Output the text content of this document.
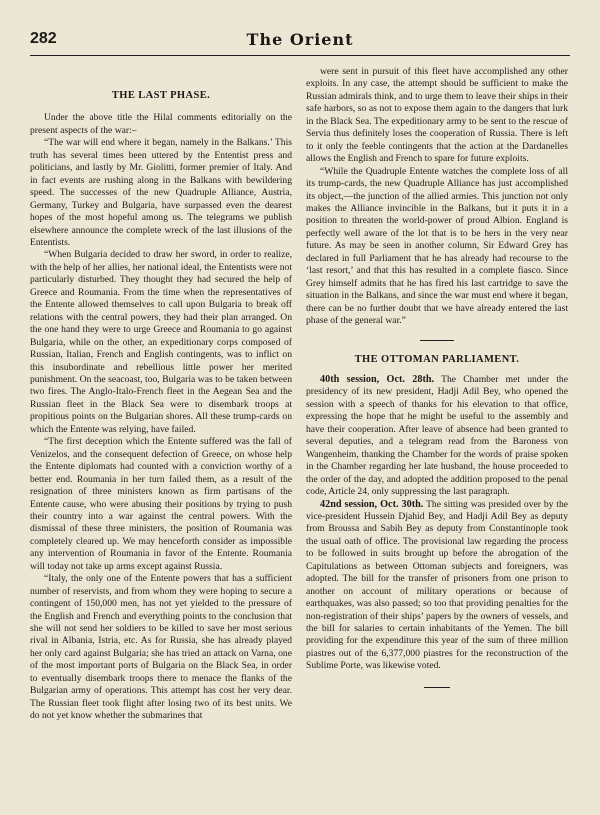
282	The Orient
THE LAST PHASE.

Under the above title the Hilal comments editorially on the present aspects of the war:–

“The war will end where it began, namely in the Balkans.’ This truth has several times been uttered by the Ententist press and politicians, and lastly by Mr. Giolitti, former premier of Italy. And in fact events are rushing along in the Balkans with bewildering speed. The successes of the new Quadruple Alliance, Austria, Germany, Turkey and Bulgaria, have surpassed even the dearest hopes of the most hopeful among us. The telegrams we publish elsewhere announce the complete wreck of the last illusions of the Ententists.

“When Bulgaria decided to draw her sword, in order to realize, with the help of her allies, her national ideal, the Ententists were not particularly disturbed. They thought they had secured the help of Greece and Roumania. From the time when the representatives of the Entente allowed themselves to call upon Bulgaria to break off relations with the central powers, they had their plan arranged. On the one hand they were to urge Greece and Roumania to go against Bulgaria, while on the other, an expeditionary corps composed of Russian, Italian, French and English contingents, was to inflict on this insubordinate and rebellious little power her merited punishment. On the seacoast, too, Bulgaria was to be taken between two fires. The Anglo-Italo-French fleet in the Aegean Sea and the Russian fleet in the Black Sea were to disembark troops at propitious points on the Bulgarian shores. All these trump-cards on which the Entente was relying, have failed.

“The first deception which the Entente suffered was the fall of Venizelos, and the consequent defection of Greece, on whose help the Entente diplomats had counted with a conviction worthy of a better end. Roumania in her turn failed them, as a result of the resignation of three ministers known as firm partisans of the Entente cause, who were abusing their positions by trying to push their country into a war against the central powers. With the dismissal of these three ministers, the position of Roumania was completely cleared up. We may henceforth consider as impossible any intervention of Roumania in favor of the Entente. Roumania will today not take up arms except against Russia.

“Italy, the only one of the Entente powers that has a sufficient number of reservists, and from whom they were hoping to secure a contingent of 150,000 men, has not yet yielded to the pressure of the English and French and everything points to the conclusion that she will not send her soldiers to be killed to save her most serious rival in Albania, Istria, etc. As for Russia, she has already played her only card against Bulgaria; she has tried an attack on Varna, one of the most important ports of Bulgaria on the Black Sea, in order to eventually disembark troops there to menace the flanks of the Bulgarian army of operations. This attempt has cost her very dear. The Russian fleet took flight after losing two of its best units. We do not yet know whether the submarines that

were sent in pursuit of this fleet have accomplished any other exploits. In any case, the attempt should be sufficient to make the Russian admirals think, and to urge them to leave their ships in their safe harbors, so as not to expose them again to the dangers that lurk in the Black Sea. The expeditionary army to be sent to the rescue of Servia thus definitely loses the cooperation of Russia. There is left to it only the feeble contingents that the action at the Dardanelles allows the English and French to spare for future exploits.

“While the Quadruple Entente watches the complete loss of all its trump-cards, the new Quadruple Alliance has just accomplished its object,—the junction of the allied armies. This junction not only makes the Alliance invincible in the Balkans, but it puts it in a position to threaten the world-power of proud Albion. England is perfectly well aware of the lot that is to be hers in the very near future. As may be seen in another column, Sir Edward Grey has declared in full Parliament that he has already had recourse to the ‘last resort,’ and that this has resulted in a complete fiasco. Since Grey himself admits that he has fired his last cartridge to save the situation in the Balkans, and since the war must end where it began, there can be no further doubt that we have already entered the last phase of the general war.”

THE OTTOMAN PARLIAMENT.

40th session, Oct. 28th. The Chamber met under the presidency of its new president, Hadji Adil Bey, who opened the session with a speech of thanks for his elevation to that office, expressing the hope that he might be useful to the assembly and have their cooperation. After leave of absence had been granted to several deputies, and a telegram read from the Baroness von Wangenheim, thanking the Chamber for the words of praise spoken in the Chamber regarding her late husband, the house proceeded to the order of the day, and adopted the addition proposed to the penal code, Article 24, only suppressing the last paragraph.

42nd session, Oct. 30th. The sitting was presided over by the vice-president Hussein Djahid Bey, and Hadji Adil Bey as deputy from Broussa and Sabih Bey as deputy from Constantinople took the usual oath of office. The provisional law regarding the process to be followed in suits brought up before the abrogation of the Capitulations as between Ottoman subjects and foreigners, was adopted. The bill for the transfer of prisoners from one prison to another on account of military operations or because of earthquakes, was also passed; so too that providing penalties for the non-registration of their ships’ papers by the owners of vessels, and the bill for salaries to certain inhabitants of the Yemen. The bill providing for the expenditure this year of the sum of three million piastres out of the 6,377,000 piastres for the reconstruction of the Sublime Porte, was likewise voted.
